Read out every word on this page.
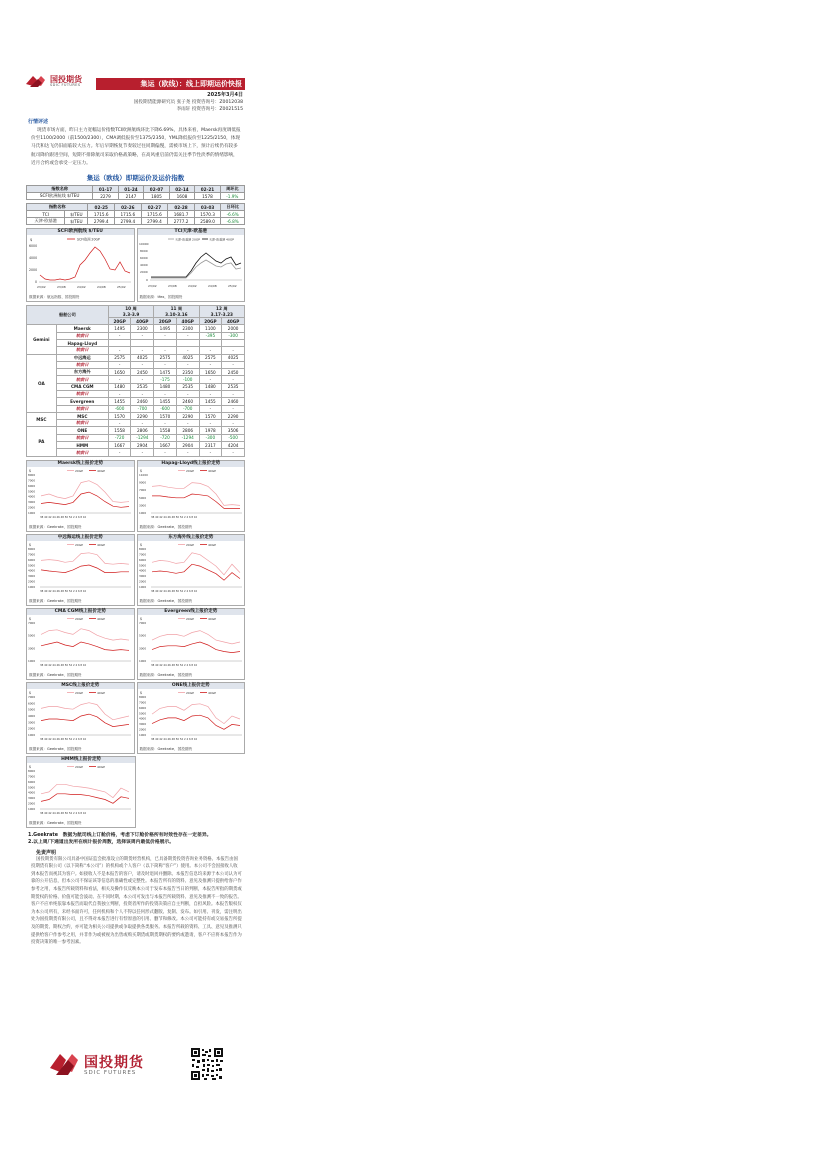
国投期货
SDIC FUTURES	集运（欧线）：线上即期运价快报
2025年3月4日
国投期货能源研究员 张子尧 投资咨询号：Z0012038
李雨轩 投资咨询号：Z0021515
行情评述
现货市场方面，昨日主力宽幅运价指数TCI欧洲航线环比下降6.69%，具体来看，Maersk再度调低报价至1100/2000（前1500/2300），CMA调低报价至1375/2350，YML降低报价至1225/2150，体现马氏和达飞仍旧面临较大压力。年后早期恢复节奏较过往同期偏慢，需被市场上下，预计后续仍有较多航司降价跟进空间，短期不排除航司采取价格战策略，在高风重启前仍需关注季节性淡季的情绪影响，近月合约或会承受一定压力。
集运（欧线）即期运价及运价指数
指数名称	01-17	01-24	02-07	02-14	02-21	周环比
SCFI欧洲航线 $/TEU	2279	2147	1805	1608	1578	-1.9%
指数名称		02-25	02-26	02-27	02-28	03-03	日环比
TCI	$/TEU	1715.6	1715.6	1715.6	1681.7	1570.3	-6.6%
天津-欧基港	$/TEU	2799.4	2799.4	2799.4	2777.2	2589.0	-6.8%
SCFI欧洲航线 $/TEU
$	SCFI欧洲 20GP
6000
4000
2000
0
23/02	23/08	24/02	24/08	25/02
数据来源：航运指数、国投期货
TCI天津-欧基港
天津-欧基港 20GP	天津-欧基港 40GP
10000
8000
6000
4000
2000
0
23/02	23/08	24/02	24/08	25/02
数据来源：tfex，国投期货
船舶公司		10 周
3.3-3.9		11 周
3.10-3.16		12 周
3.17-3.23	
		20GP	40GP	20GP	40GP	20GP	40GP
Gemini	Maersk	1495	2300	1495	2300	1100	2000
	较前日	-	-	-	-	-395	-300
	Hapag-Lloyd						
	较前日	-	-	-	-	-	-
OA	中远海运	2575	4025	2575	4025	2575	4025
	较前日	-	-	-	-	-	-
	东方海外	1650	2450	1475	2350	1650	2450
	较前日	-	-	-175	-100	-	-
	CMA CGM	1480	2535	1480	2535	1480	2535
	较前日	-	-	-	-	-	-
	Evergreen	1455	2460	1455	2460	1455	2460
	较前日	-600	-700	-600	-700	-	-
MSC	MSC	1570	2290	1570	2290	1570	2290
	较前日	-	-	-	-	-	-
PA	ONE	1558	2806	1558	2806	1978	3506
	较前日	-720	-1294	-720	-1294	-300	-500
	HMM	1667	2904	1667	2904	2317	4204
	较前日	-	-	-	-	-	-
Maersk线上报价走势
$	20GP	40GP
8000
7000
6000
5000
4000
3000
2000
1000
38 40 42 44 46 48 50 52 2 4 6 8 10
数据来源：Geekrate、国投期货
Hapag-Lloyd线上报价走势
$	20GP	40GP
11000
9000
7000
5000
3000
1000
38 40 42 44 46 48 50 52 2 4 6 8 10
数据来源：Geekrate、国投期货
中远海运线上报价走势
$	20GP	40GP
8000
7000
6000
5000
4000
3000
2000
1000
38 40 42 44 46 48 50 52 2 4 6 8 10
数据来源：Geekrate、国投期货
东方海外线上报价走势
$	20GP	40GP
8000
7000
6000
5000
4000
3000
2000
1000
38 40 42 44 46 48 50 52 2 4 6 8 10
数据来源：Geekrate、国投期货
CMA CGM线上报价走势
$	20GP	40GP
7000
5000
3000
1000
38 40 42 44 46 48 50 52 2 4 6 8 10
数据来源：Geekrate、国投期货
Evergreen线上报价走势
$	20GP	40GP
7000
5000
3000
1000
38 40 42 44 46 48 50 52 2 4 6 8 10
数据来源：Geekrate、国投期货
MSC线上报价走势
$	20GP	40GP
7000
6000
5000
4000
3000
2000
1000
38 40 42 44 46 48 50 52 2 4 6 8 10
数据来源：Geekrate、国投期货
ONE线上报价走势
$	20GP	40GP
8000
7000
6000
5000
4000
3000
2000
1000
38 40 42 44 46 48 50 52 2 4 6 8 10
数据来源：Geekrate、国投期货
HMM线上报价走势
$	20GP	40GP
8000
7000
6000
5000
4000
3000
2000
1000
38 40 42 44 46 48 50 52 2 4 6 8 10
数据来源：Geekrate、国投期货
1.Geekrate　数据为航司线上订舱价格，考虑下订舱价格所有时效性存在一定差异。
2.以上周/下通道出发所在统计报价周数，选择该周内最低价格展示。
免责声明
国投期货有限公司具备中国证监会批准设立的期货经营机构，已具备期货投资咨询业务资格。本报告由国投期货有限公司（以下简称“本公司”）的机构或个人客户（以下简称“客户”）使用。本公司不会因接收人收到本报告而视其为客户。如接收人不是本报告的客户，请及时退回并删除。本报告信息均来源于本公司认为可靠的公开信息，但本公司不保证该等信息的准确性或完整性。本报告所有的资料、意见及推测只提供给客户作参考之用，本报告所载资料和看法，相关及操作仅反映本公司于发布本报告当日的判断，本报告所指的期货或期货权的价格、价值可能会波动。在不同时期，本公司可发出与本报告所载资料、意见及推测不一致的报告。客户不应单纯依靠本报告而取代自我独立判断，投资者所作的投资决策应自主判断，自担风险。本报告版权仅为本公司所有，未经书面许可，任何机构和个人不得以任何形式翻版、复制、发布。如引用、刊发，需注明出处为国投期货有限公司，且不得对本报告进行有悖原意的引用、删节和修改。本公司可能持有或交易报告所提及的期货、期权合约，亦可能为相关公司提供或争取提供各类服务。本报告所载的资料、工具、意见及推测只提供给客户作参考之用，并非作为或被视为出售或购买期货或期货期权的要约或邀请，客户不应将本报告作为投资决策的唯一参考因素。
国投期货
SDIC FUTURES
